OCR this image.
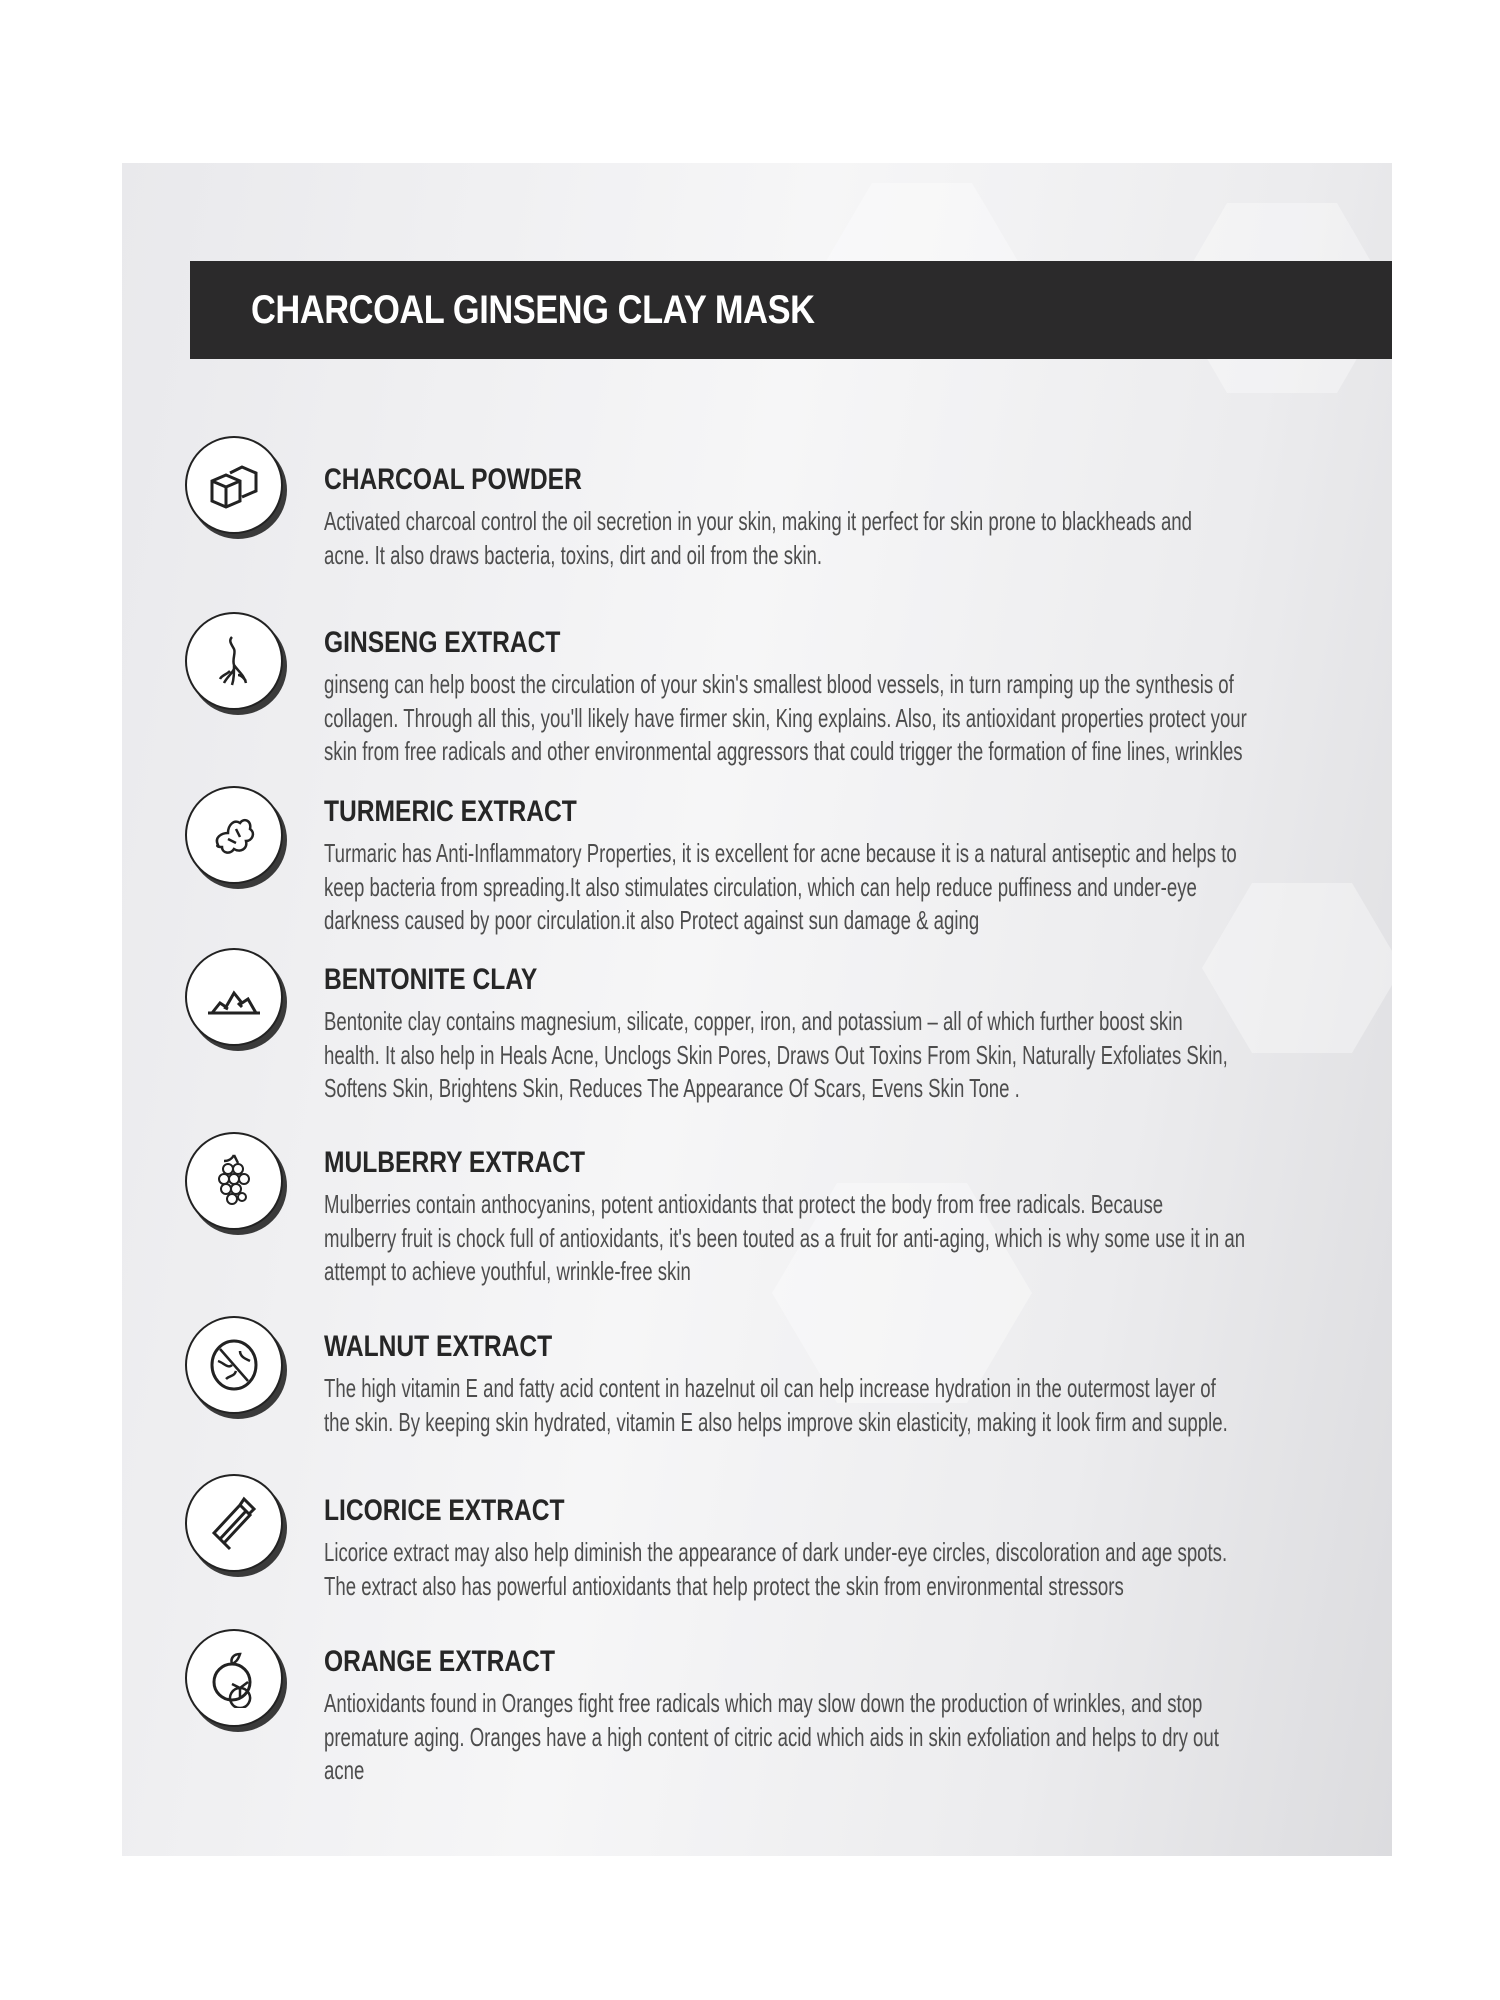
CHARCOAL GINSENG CLAY MASK
CHARCOAL POWDER
Activated charcoal control the oil secretion in your skin, making it perfect for skin prone to blackheads and
acne. It also draws bacteria, toxins, dirt and oil from the skin.
GINSENG EXTRACT
ginseng can help boost the circulation of your skin's smallest blood vessels, in turn ramping up the synthesis of
collagen. Through all this, you'll likely have firmer skin, King explains. Also, its antioxidant properties protect your
skin from free radicals and other environmental aggressors that could trigger the formation of fine lines, wrinkles
TURMERIC EXTRACT
Turmaric has Anti-Inflammatory Properties, it is excellent for acne because it is a natural antiseptic and helps to
keep bacteria from spreading.It also stimulates circulation, which can help reduce puffiness and under-eye
darkness caused by poor circulation.it also Protect against sun damage & aging
BENTONITE CLAY
Bentonite clay contains magnesium, silicate, copper, iron, and potassium – all of which further boost skin
health. It also help in Heals Acne, Unclogs Skin Pores, Draws Out Toxins From Skin, Naturally Exfoliates Skin,
Softens Skin, Brightens Skin, Reduces The Appearance Of Scars, Evens Skin Tone .
MULBERRY EXTRACT
Mulberries contain anthocyanins, potent antioxidants that protect the body from free radicals. Because
mulberry fruit is chock full of antioxidants, it's been touted as a fruit for anti-aging, which is why some use it in an
attempt to achieve youthful, wrinkle-free skin
WALNUT EXTRACT
The high vitamin E and fatty acid content in hazelnut oil can help increase hydration in the outermost layer of
the skin. By keeping skin hydrated, vitamin E also helps improve skin elasticity, making it look firm and supple.
LICORICE EXTRACT
Licorice extract may also help diminish the appearance of dark under-eye circles, discoloration and age spots.
The extract also has powerful antioxidants that help protect the skin from environmental stressors
ORANGE EXTRACT
Antioxidants found in Oranges fight free radicals which may slow down the production of wrinkles, and stop
premature aging. Oranges have a high content of citric acid which aids in skin exfoliation and helps to dry out
acne
